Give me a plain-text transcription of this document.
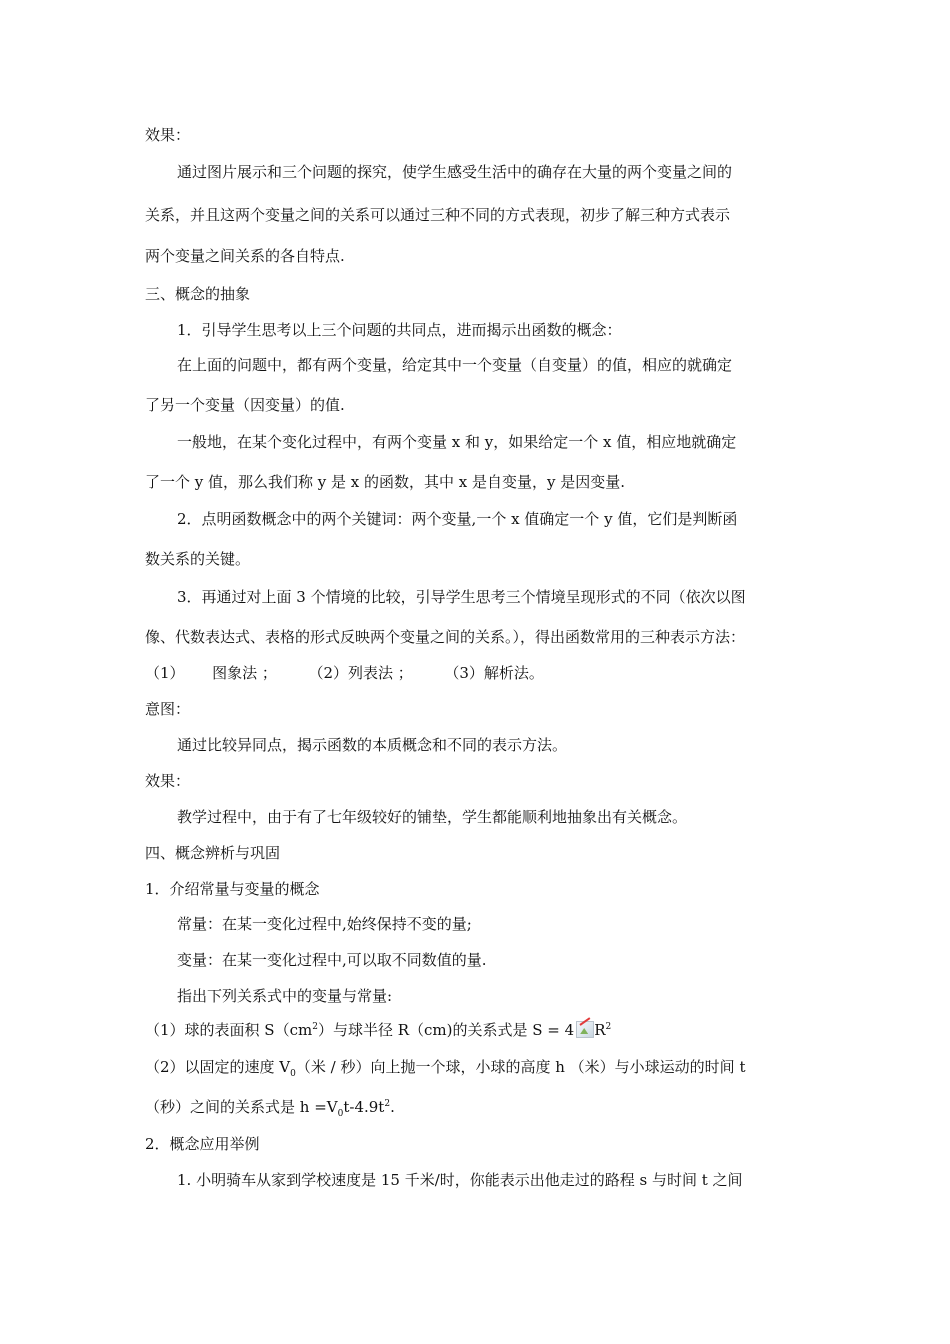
效果：
通过图片展示和三个问题的探究，使学生感受生活中的确存在大量的两个变量之间的
关系，并且这两个变量之间的关系可以通过三种不同的方式表现，初步了解三种方式表示
两个变量之间关系的各自特点.
三、概念的抽象
1．引导学生思考以上三个问题的共同点，进而揭示出函数的概念：
在上面的问题中，都有两个变量，给定其中一个变量（自变量）的值，相应的就确定
了另一个变量（因变量）的值.
一般地，在某个变化过程中，有两个变量 x 和 y，如果给定一个 x 值，相应地就确定
了一个 y 值，那么我们称 y 是 x 的函数，其中 x 是自变量，y 是因变量.
2．点明函数概念中的两个关键词：两个变量,一个 x 值确定一个 y 值，它们是判断函
数关系的关键。
3．再通过对上面 3 个情境的比较，引导学生思考三个情境呈现形式的不同（依次以图
像、代数表达式、表格的形式反映两个变量之间的关系。），得出函数常用的三种表示方法：
（1） 图象法 ； （2）列表法 ； （3）解析法。
意图：
通过比较异同点，揭示函数的本质概念和不同的表示方法。
效果：
教学过程中，由于有了七年级较好的铺垫，学生都能顺利地抽象出有关概念。
四、概念辨析与巩固
1．介绍常量与变量的概念
常量：在某一变化过程中,始终保持不变的量;
变量：在某一变化过程中,可以取不同数值的量.
指出下列关系式中的变量与常量:
（1）球的表面积 $S(cm^2)$与球半径 R（cm)的关系式是 S = 4 $R^2$
（2）以固定的速度 $V_0$（米 / 秒）向上抛一个球，小球的高度 h （米）与小球运动的时间 t
（秒）之间的关系式是 $h =V_0t-4.9t^2$.
2．概念应用举例
1. 小明骑车从家到学校速度是 15 千米/时，你能表示出他走过的路程 s 与时间 t 之间
